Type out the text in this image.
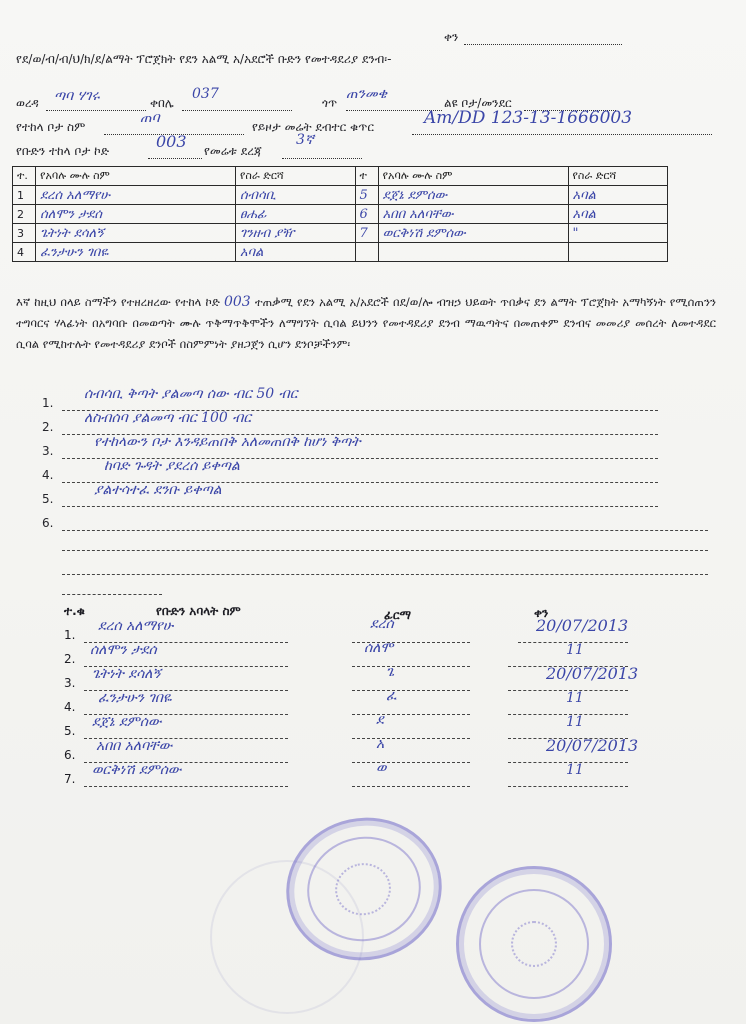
ቀን
የደ/ወ/ብ/ብ/ህ/ክ/ደ/ልማት ፕሮጀክት የደን አልሚ አ/አደሮች ቡድን የመተዳደሪያ ደንብ፡-
ወረዳ ጣባ ሃገሩ	ቀበሌ
037
ጎጥ
ጠንመቄ
ልዩ ቦታ/መንደር
የተከላ ቦታ ስም
ጠባ
የይዞታ መሬት ደብተር ቁጥር	Am/DD 123-13-1666003
የቡድን ተከላ ቦታ ኮድ	003 የመሬቱ ደረጃ
3ኛ
ተ.	የአባሉ ሙሉ ስም	የስራ ድርሻ	ተ	የአባሉ ሙሉ ስም	የስራ ድርሻ
1	ደረሰ አለማየሁ	ሰብሳቢ	5	ደጀኔ ደምሰው	አባል
2	ሰለሞን ታደሰ	ፀሐፊ	6	አበበ አለባቸው	አባል
3	ጌትነት ደሳለኝ	ገንዘብ ያዥ	7	ወርቅነሽ ደምሰው	"
4	ፈንታሁን ገበዬ	አባል			
እኛ ከዚህ በላይ ስማችን የተዘረዘረው የተከላ ኮድ 003 ተጠቃሚ የደን አልሚ አ/አደሮች በደ/ወ/ሎ ብዝኃ ህይወት ጥበቃና ደን ልማት ፕሮጀክት አማካኝነት የሚሰጠንን ተግባርና ሃላፊነት በአግባቡ በመወጣት ሙሉ ጥቅማጥቅሞችን ለማግኘት ሲባል ይህንን የመተዳደሪያ ደንብ ማዉጣትና በመጠቀም ደንብና መመሪያ መሰረት ለመተዳደር ሲባል የሚከተሉት የመተዳደሪያ ደንቦች በስምምነት ያዘጋጀን ሲሆን ደንቦቻችንም፡
1.
ሰብሳቢ ቅጣት ያልመጣ ሰው ብር 50 ብር
2.
ለስብሰባ ያልመጣ ብር 100 ብር
3.
የተከላውን ቦታ እንዳይጠበቅ አለመጠበቅ ከሆነ ቅጣት
4.
ከባድ ጉዳት ያደረሰ ይቀጣል
5.
ያልተሳተፈ ደንቡ ይቀጣል
6.
ተ.ቁ	የቡድን አባላት ስም	ፊርማ	ቀን
1.
ደረሰ አለማየሁ	ደረሰ	20/07/2013
2.
ሰለሞን ታደሰ	ሰለሞ	11
3.
ጌትነት ደሳለኝ	ጌ	20/07/2013
4.
ፈንታሁን ገበዬ	ፈ	11
5.
ደጀኔ ደምሰው	ደ	11
6.
አበበ አለባቸው	አ	20/07/2013
7.
ወርቅነሽ ደምሰው	ወ	11
